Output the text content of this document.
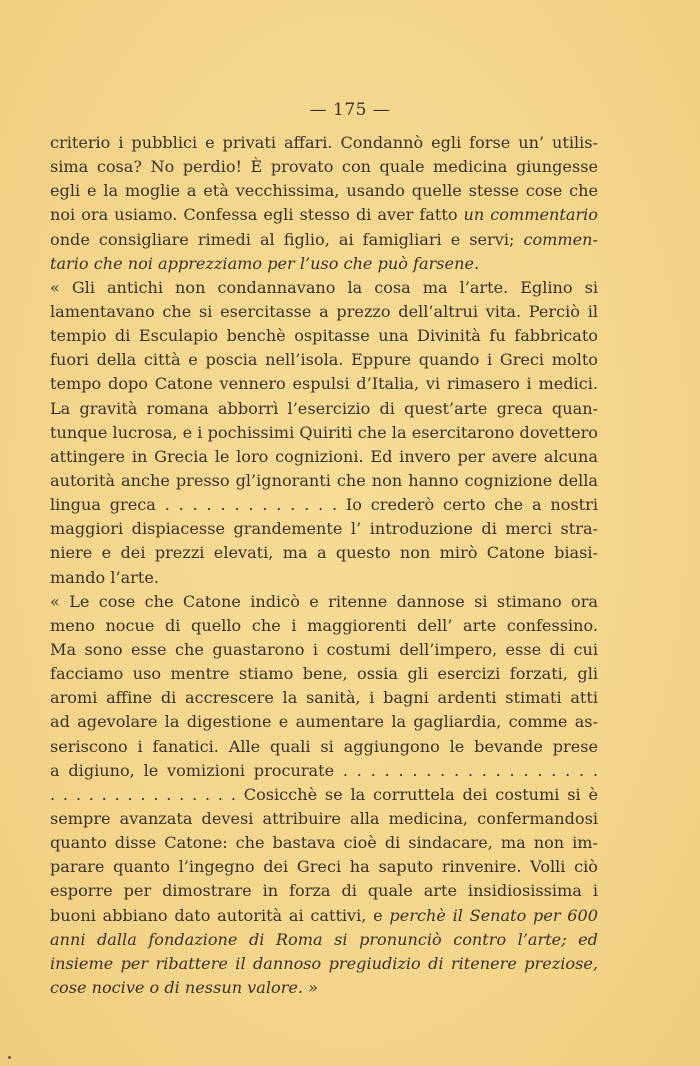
— 175 —
criterio i pubblici e privati affari. Condannò egli forse un’ utilis-
sima cosa? No perdio! È provato con quale medicina giungesse
egli e la moglie a età vecchissima, usando quelle stesse cose che
noi ora usiamo. Confessa egli stesso di aver fatto un commentario
onde consigliare rimedi al figlio, ai famigliari e servi; commen-
tario che noi apprezziamo per l’uso che può farsene.
« Gli antichi non condannavano la cosa ma l’arte. Eglino si
lamentavano che si esercitasse a prezzo dell’altrui vita. Perciò il
tempio di Esculapio benchè ospitasse una Divinità fu fabbricato
fuori della città e poscia nell’isola. Eppure quando i Greci molto
tempo dopo Catone vennero espulsi d’Italia, vi rimasero i medici.
La gravità romana abborrì l’esercizio di quest’arte greca quan-
tunque lucrosa, e i pochissimi Quiriti che la esercitarono dovettero
attingere in Grecia le loro cognizioni. Ed invero per avere alcuna
autorità anche presso gl’ignoranti che non hanno cognizione della
lingua greca . . . . . . . . . . . . . Io crederò certo che a nostri
maggiori dispiacesse grandemente l’ introduzione di merci stra-
niere e dei prezzi elevati, ma a questo non mirò Catone biasi-
mando l’arte.
« Le cose che Catone indicò e ritenne dannose si stimano ora
meno nocue di quello che i maggiorenti dell’ arte confessino.
Ma sono esse che guastarono i costumi dell’impero, esse di cui
facciamo uso mentre stiamo bene, ossia gli esercizi forzati, gli
aromi affine di accrescere la sanità, i bagni ardenti stimati atti
ad agevolare la digestione e aumentare la gagliardia, comme as-
seriscono i fanatici. Alle quali si aggiungono le bevande prese
a digiuno, le vomizioni procurate . . . . . . . . . . . . . . . . . . .
. . . . . . . . . . . . . . . Cosicchè se la corruttela dei costumi si è
sempre avanzata devesi attribuire alla medicina, confermandosi
quanto disse Catone: che bastava cioè di sindacare, ma non im-
parare quanto l’ingegno dei Greci ha saputo rinvenire. Volli ciò
esporre per dimostrare in forza di quale arte insidiosissima i
buoni abbiano dato autorità ai cattivi, e perchè il Senato per 600
anni dalla fondazione di Roma si pronunciò contro l’arte; ed
insieme per ribattere il dannoso pregiudizio di ritenere preziose,
cose nocive o di nessun valore. »
